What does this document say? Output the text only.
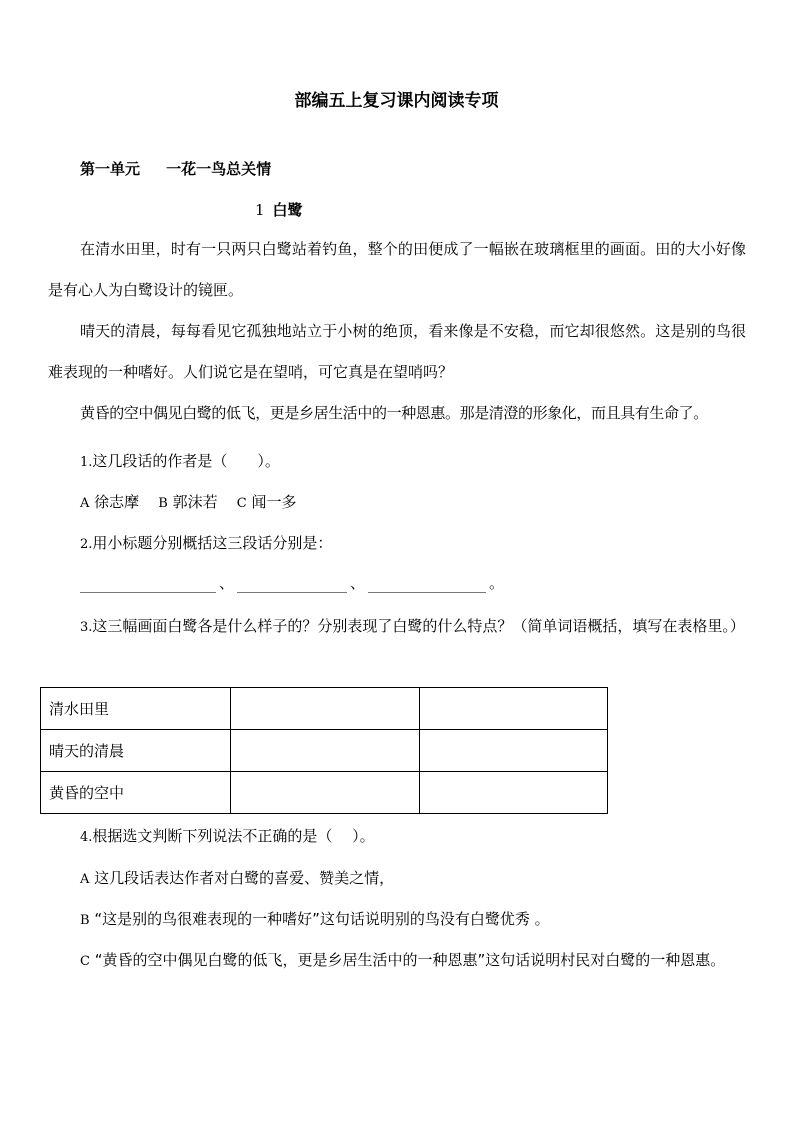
部编五上复习课内阅读专项
第一单元     一花一鸟总关情
1 白鹭
在清水田里，时有一只两只白鹭站着钓鱼，整个的田便成了一幅嵌在玻璃框里的画面。田的大小好像是有心人为白鹭设计的镜匣。
晴天的清晨，每每看见它孤独地站立于小树的绝顶，看来像是不安稳，而它却很悠然。这是别的鸟很难表现的一种嗜好。人们说它是在望哨，可它真是在望哨吗？
黄昏的空中偶见白鹭的低飞，更是乡居生活中的一种恩惠。那是清澄的形象化，而且具有生命了。
1.这几段话的作者是（　　）。
A 徐志摩 B 郭沫若 C 闻一多
2.用小标题分别概括这三段话分别是：
、	、	。
3.这三幅画面白鹭各是什么样子的？分别表现了白鹭的什么特点？（简单词语概括，填写在表格里。）
清水田里		
晴天的清晨		
黄昏的空中		
4.根据选文判断下列说法不正确的是（　 ）。
A 这几段话表达作者对白鹭的喜爱、赞美之情，
B “这是别的鸟很难表现的一种嗜好”这句话说明别的鸟没有白鹭优秀 。
C “黄昏的空中偶见白鹭的低飞，更是乡居生活中的一种恩惠”这句话说明村民对白鹭的一种恩惠。
